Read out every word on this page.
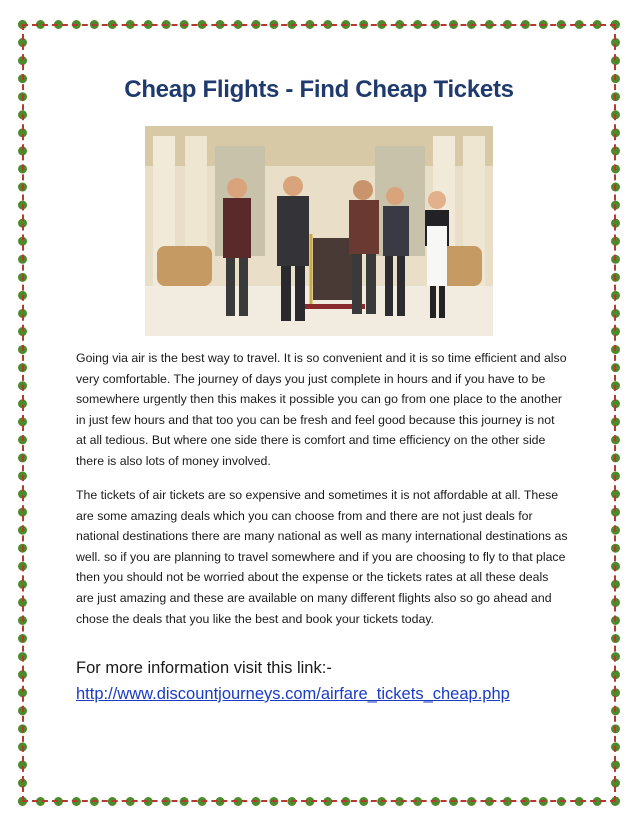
Cheap Flights - Find Cheap Tickets
Going via air is the best way to travel. It is so convenient and it is so time efficient and also very comfortable. The journey of days you just complete in hours and if you have to be somewhere urgently then this makes it possible you can go from one place to the another in just few hours and that too you can be fresh and feel good because this journey is not at all tedious. But where one side there is comfort and time efficiency on the other side there is also lots of money involved.
The tickets of air tickets are so expensive and sometimes it is not affordable at all. These are some amazing deals which you can choose from and there are not just deals for national destinations there are many national as well as many international destinations as well. so if you are planning to travel somewhere and if you are choosing to fly to that place then you should not be worried about the expense or the tickets rates at all these deals are just amazing and these are available on many different flights also so go ahead and chose the deals that you like the best and book your tickets today.
For more information visit this link:-
http://www.discountjourneys.com/airfare_tickets_cheap.php
